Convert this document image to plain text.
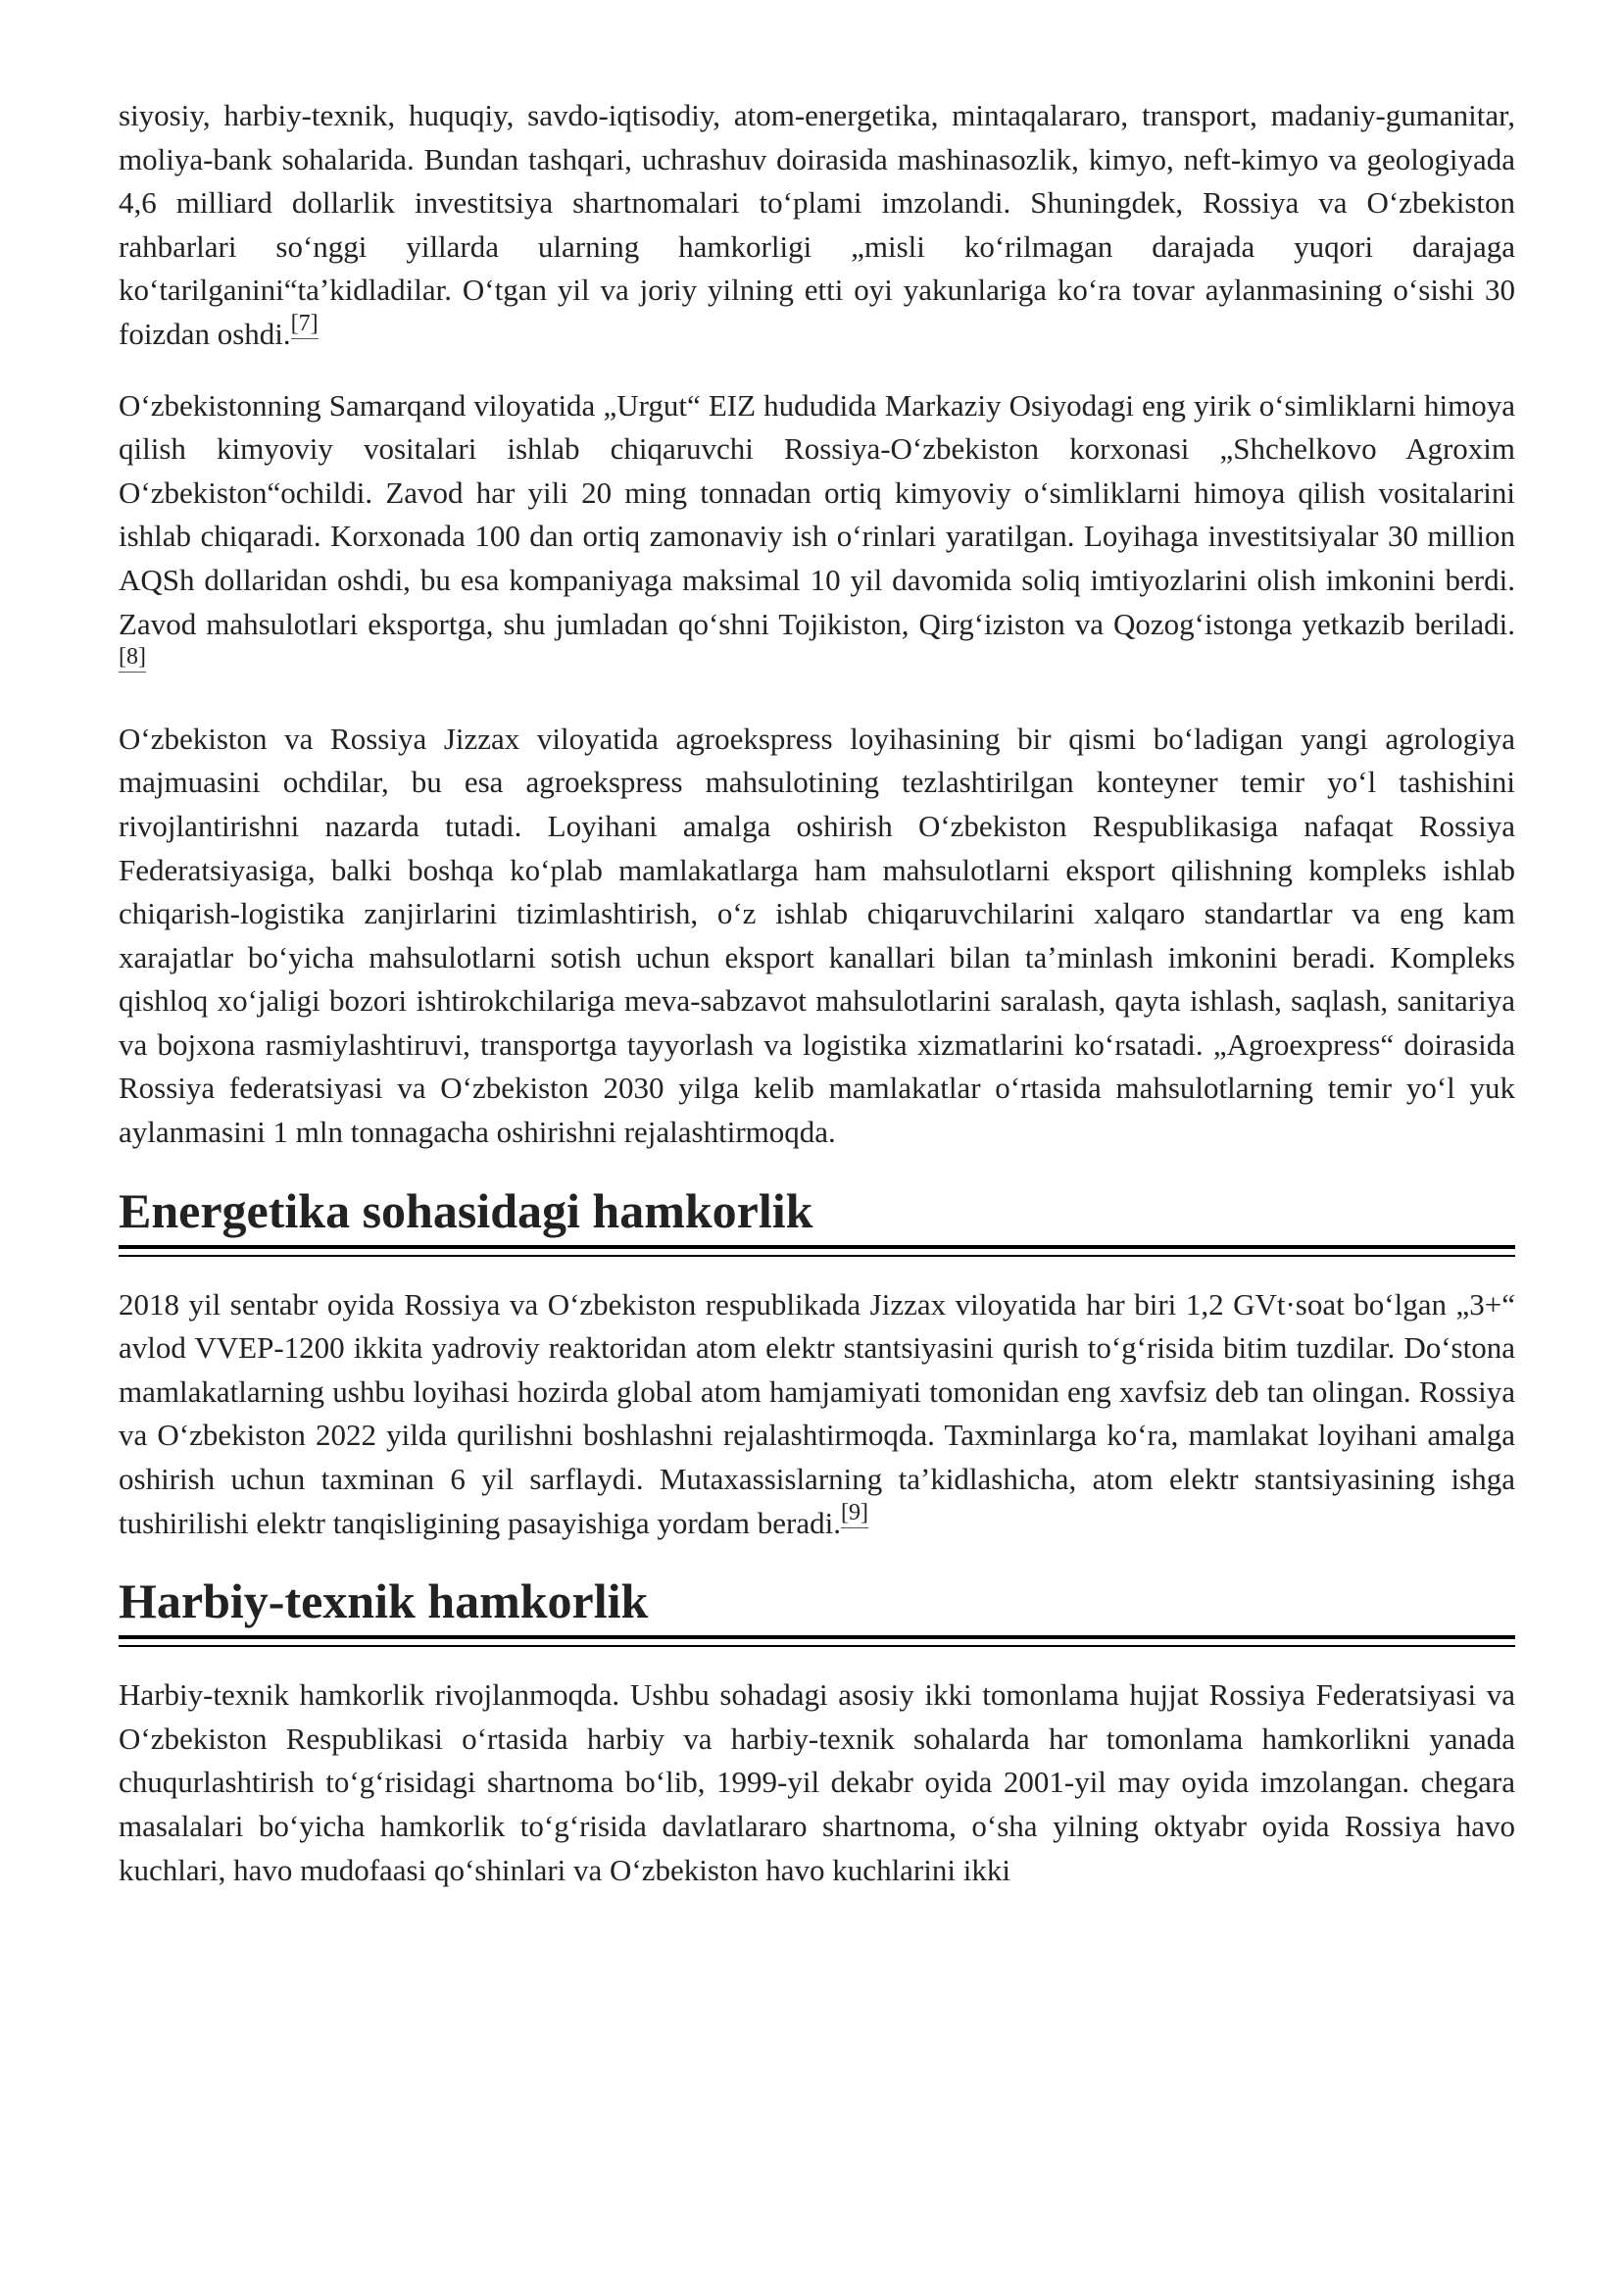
siyosiy, harbiy-texnik, huquqiy, savdo-iqtisodiy, atom-energetika, mintaqalararo, transport, madaniy-gumanitar, moliya-bank sohalarida. Bundan tashqari, uchrashuv doirasida mashinasozlik, kimyo, neft-kimyo va geologiyada 4,6 milliard dollarlik investitsiya shartnomalari toʻplami imzolandi. Shuningdek, Rossiya va Oʻzbekiston rahbarlari soʻnggi yillarda ularning hamkorligi „misli koʻrilmagan darajada yuqori darajaga koʻtarilganini“taʼkidladilar. Oʻtgan yil va joriy yilning etti oyi yakunlariga koʻra tovar aylanmasining oʻsishi 30 foizdan oshdi.[7]

Oʻzbekistonning Samarqand viloyatida „Urgut“ EIZ hududida Markaziy Osiyodagi eng yirik oʻsimliklarni himoya qilish kimyoviy vositalari ishlab chiqaruvchi Rossiya-Oʻzbekiston korxonasi „Shchelkovo Agroxim Oʻzbekiston“ochildi. Zavod har yili 20 ming tonnadan ortiq kimyoviy oʻsimliklarni himoya qilish vositalarini ishlab chiqaradi. Korxonada 100 dan ortiq zamonaviy ish oʻrinlari yaratilgan. Loyihaga investitsiyalar 30 million AQSh dollaridan oshdi, bu esa kompaniyaga maksimal 10 yil davomida soliq imtiyozlarini olish imkonini berdi. Zavod mahsulotlari eksportga, shu jumladan qoʻshni Tojikiston, Qirgʻiziston va Qozogʻistonga yetkazib beriladi.[8]

Oʻzbekiston va Rossiya Jizzax viloyatida agroekspress loyihasining bir qismi boʻladigan yangi agrologiya majmuasini ochdilar, bu esa agroekspress mahsulotining tezlashtirilgan konteyner temir yoʻl tashishini rivojlantirishni nazarda tutadi. Loyihani amalga oshirish Oʻzbekiston Respublikasiga nafaqat Rossiya Federatsiyasiga, balki boshqa koʻplab mamlakatlarga ham mahsulotlarni eksport qilishning kompleks ishlab chiqarish-logistika zanjirlarini tizimlashtirish, oʻz ishlab chiqaruvchilarini xalqaro standartlar va eng kam xarajatlar boʻyicha mahsulotlarni sotish uchun eksport kanallari bilan taʼminlash imkonini beradi. Kompleks qishloq xoʻjaligi bozori ishtirokchilariga meva-sabzavot mahsulotlarini saralash, qayta ishlash, saqlash, sanitariya va bojxona rasmiylashtiruvi, transportga tayyorlash va logistika xizmatlarini koʻrsatadi. „Agroexpress“ doirasida Rossiya federatsiyasi va Oʻzbekiston 2030 yilga kelib mamlakatlar oʻrtasida mahsulotlarning temir yoʻl yuk aylanmasini 1 mln tonnagacha oshirishni rejalashtirmoqda.

Energetika sohasidagi hamkorlik

2018 yil sentabr oyida Rossiya va Oʻzbekiston respublikada Jizzax viloyatida har biri 1,2 GVt·soat boʻlgan „3+“ avlod VVEP-1200 ikkita yadroviy reaktoridan atom elektr stantsiyasini qurish toʻgʻrisida bitim tuzdilar. Doʻstona mamlakatlarning ushbu loyihasi hozirda global atom hamjamiyati tomonidan eng xavfsiz deb tan olingan. Rossiya va Oʻzbekiston 2022 yilda qurilishni boshlashni rejalashtirmoqda. Taxminlarga koʻra, mamlakat loyihani amalga oshirish uchun taxminan 6 yil sarflaydi. Mutaxassislarning taʼkidlashicha, atom elektr stantsiyasining ishga tushirilishi elektr tanqisligining pasayishiga yordam beradi.[9]

Harbiy-texnik hamkorlik

Harbiy-texnik hamkorlik rivojlanmoqda. Ushbu sohadagi asosiy ikki tomonlama hujjat Rossiya Federatsiyasi va Oʻzbekiston Respublikasi oʻrtasida harbiy va harbiy-texnik sohalarda har tomonlama hamkorlikni yanada chuqurlashtirish toʻgʻrisidagi shartnoma boʻlib, 1999-yil dekabr oyida 2001-yil may oyida imzolangan. chegara masalalari boʻyicha hamkorlik toʻgʻrisida davlatlararo shartnoma, oʻsha yilning oktyabr oyida Rossiya havo kuchlari, havo mudofaasi qoʻshinlari va Oʻzbekiston havo kuchlarini ikki
